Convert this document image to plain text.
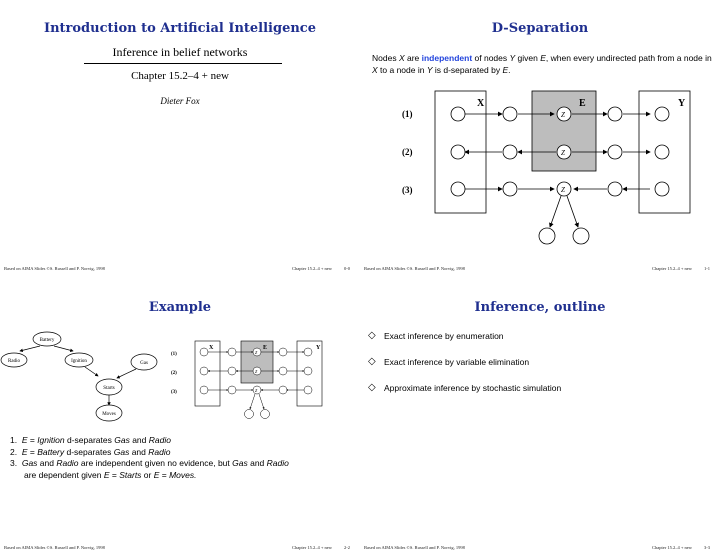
Introduction to Artificial Intelligence
Inference in belief networks
Chapter 15.2–4 + new
Dieter Fox
Based on AIMA Slides ©S. Russell and P. Norvig, 1998	Chapter 15.2–4 + new	0-0
D-Separation
Nodes X are independent of nodes Y given E, when every undirected path from a node in X to a node in Y is d-separated by E.
X	E	Y
(1)
(2)
(3)
Z
Z
Z
Based on AIMA Slides ©S. Russell and P. Norvig, 1998	Chapter 15.2–4 + new	1-1
Example
Battery
Radio	Ignition	Gas
Starts
Moves
X	E	Y
(1)
(2)
(3)
Z
Z
Z
Based on AIMA Slides ©S. Russell and P. Norvig, 1998	Chapter 15.2–4 + new	2-2
1. E = Ignition d-separates Gas and Radio
2. E = Battery d-separates Gas and Radio
3. Gas and Radio are independent given no evidence, but Gas and Radio
are dependent given E = Starts or E = Moves.
Inference, outline
◇ Exact inference by enumeration
◇ Exact inference by variable elimination
◇ Approximate inference by stochastic simulation
Based on AIMA Slides ©S. Russell and P. Norvig, 1998	Chapter 15.2–4 + new	3-3
